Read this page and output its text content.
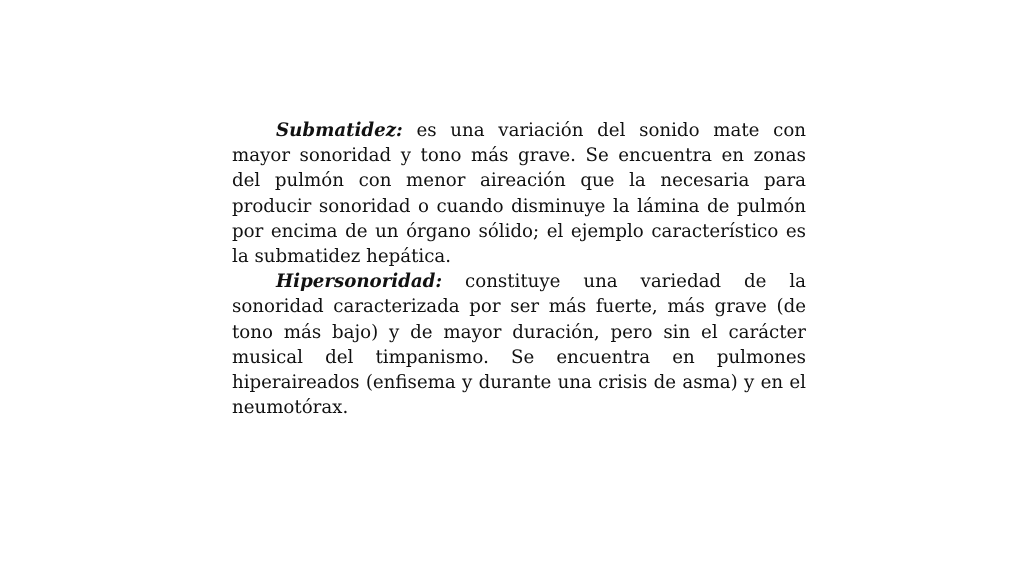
Submatidez: es una variación del sonido mate con mayor sonoridad y tono más grave. Se encuentra en zonas del pulmón con menor aireación que la necesaria para producir sonoridad o cuando disminuye la lámina de pulmón por encima de un órgano sólido; el ejemplo característico es la submatidez hepática.

Hipersonoridad: constituye una variedad de la sonoridad caracterizada por ser más fuerte, más grave (de tono más bajo) y de mayor duración, pero sin el carácter musical del timpanismo. Se encuentra en pulmones hiperaireados (enfisema y durante una crisis de asma) y en el neumotórax.
